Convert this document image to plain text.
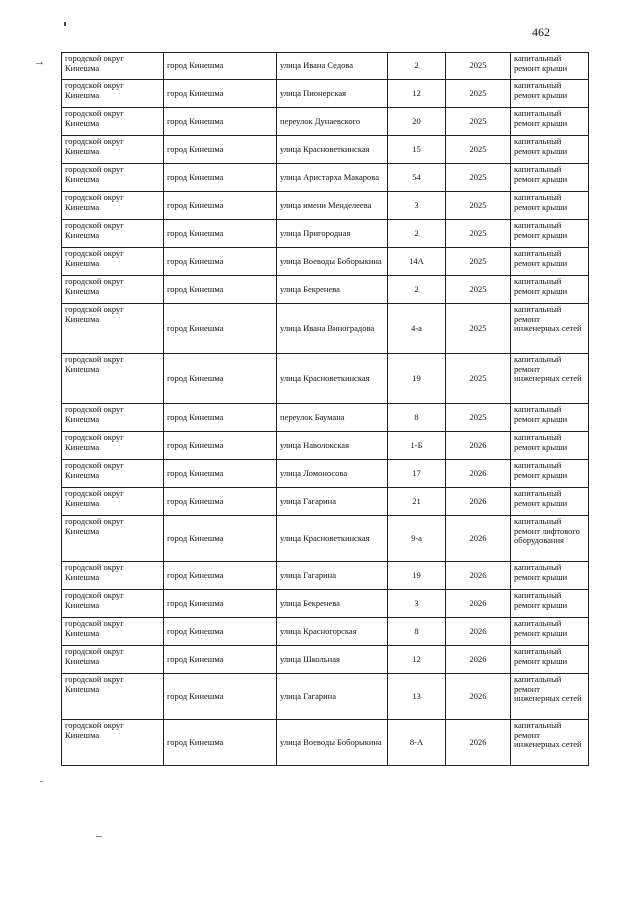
462
→ городской округ Кинешма	город Кинешма	улица Ивана Седова	2	2025	капитальный ремонт крыши
городской округ Кинешма	город Кинешма	улица Пионерская	12	2025	капитальный ремонт крыши
городской округ Кинешма	город Кинешма	переулок Дунаевского	20	2025	капитальный ремонт крыши
городской округ Кинешма	город Кинешма	улица Красноветкинская	15	2025	капитальный ремонт крыши
городской округ Кинешма	город Кинешма	улица Аристарха Макарова	54	2025	капитальный ремонт крыши
городской округ Кинешма	город Кинешма	улица имени Менделеева	3	2025	капитальный ремонт крыши
городской округ Кинешма	город Кинешма	улица Пригородная	2	2025	капитальный ремонт крыши
городской округ Кинешма	город Кинешма	улица Воеводы Боборыкина	14А	2025	капитальный ремонт крыши
городской округ Кинешма	город Кинешма	улица Бекренева	2	2025	капитальный ремонт крыши
городской округ Кинешма	город Кинешма	улица Ивана Виноградова	4-а	2025	капитальный ремонт инженерных сетей
городской округ Кинешма	город Кинешма	улица Красноветкинская	19	2025	капитальный ремонт инженерных сетей
городской округ Кинешма	город Кинешма	переулок Баумана	8	2025	капитальный ремонт крыши
городской округ Кинешма	город Кинешма	улица Наволокская	1-Б	2026	капитальный ремонт крыши
городской округ Кинешма	город Кинешма	улица Ломоносова	17	2026	капитальный ремонт крыши
городской округ Кинешма	город Кинешма	улица Гагарина	21	2026	капитальный ремонт крыши
городской округ Кинешма	город Кинешма	улица Красноветкинская	9-а	2026	капитальный ремонт лифтового оборудования
городской округ Кинешма	город Кинешма	улица Гагарина	19	2026	капитальный ремонт крыши
городской округ Кинешма	город Кинешма	улица Бекренева	3	2026	капитальный ремонт крыши
городской округ Кинешма	город Кинешма	улица Красногорская	8	2026	капитальный ремонт крыши
городской округ Кинешма	город Кинешма	улица Школьная	12	2026	капитальный ремонт крыши
городской округ Кинешма	город Кинешма	улица Гагарина	13	2026	капитальный ремонт инженерных сетей
городской округ Кинешма	город Кинешма	улица Воеводы Боборыкина	8-А	2026	капитальный ремонт инженерных сетей
